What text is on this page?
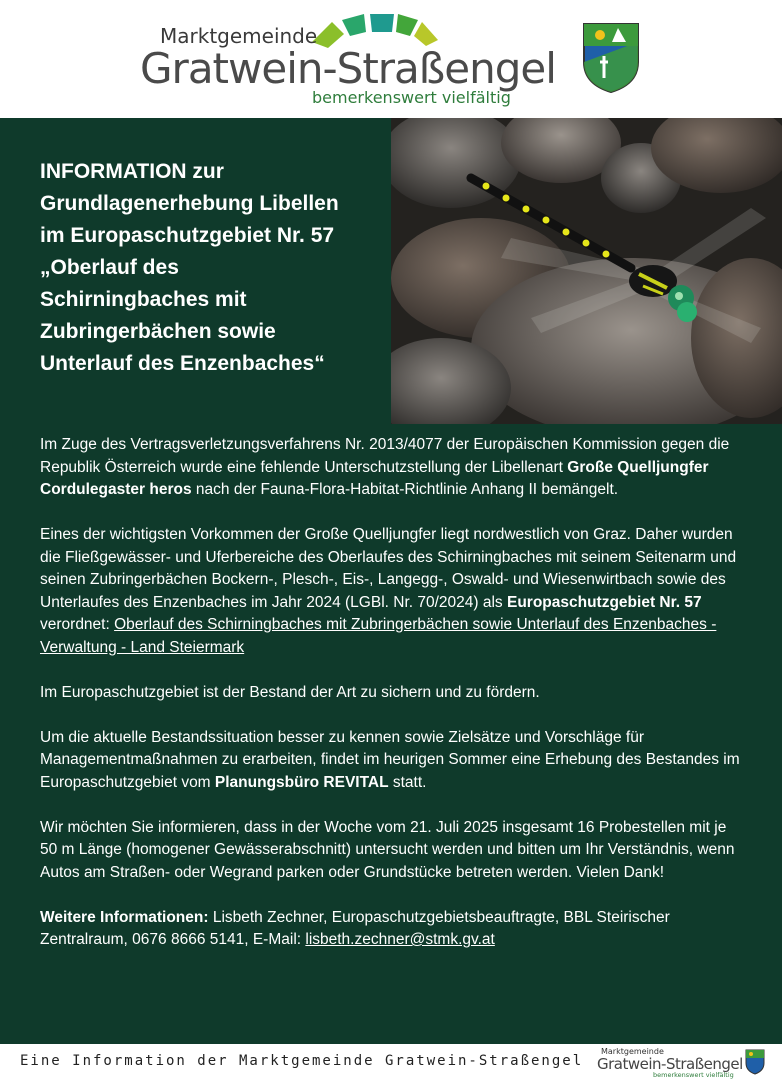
Marktgemeinde
Gratwein-Straßengel
bemerkenswert vielfältig
INFORMATION zur
Grundlagenerhebung Libellen
im Europaschutzgebiet Nr. 57
„Oberlauf des
Schirningbaches mit
Zubringerbächen sowie
Unterlauf des Enzenbaches“

Im Zuge des Vertragsverletzungsverfahrens Nr. 2013/4077 der Europäischen Kommission gegen die Republik Österreich wurde eine fehlende Unterschutzstellung der Libellenart Große Quelljungfer Cordulegaster heros nach der Fauna-Flora-Habitat-Richtlinie Anhang II bemängelt.

Eines der wichtigsten Vorkommen der Große Quelljungfer liegt nordwestlich von Graz. Daher wurden die Fließgewässer- und Uferbereiche des Oberlaufes des Schirningbaches mit seinem Seitenarm und seinen Zubringerbächen Bockern-, Plesch-, Eis-, Langegg-, Oswald- und Wiesenwirtbach sowie des Unterlaufes des Enzenbaches im Jahr 2024 (LGBl. Nr. 70/2024) als Europaschutzgebiet Nr. 57 verordnet: Oberlauf des Schirningbaches mit Zubringerbächen sowie Unterlauf des Enzenbaches - Verwaltung - Land Steiermark

Im Europaschutzgebiet ist der Bestand der Art zu sichern und zu fördern.

Um die aktuelle Bestandssituation besser zu kennen sowie Zielsätze und Vorschläge für Managementmaßnahmen zu erarbeiten, findet im heurigen Sommer eine Erhebung des Bestandes im Europaschutzgebiet vom Planungsbüro REVITAL statt.

Wir möchten Sie informieren, dass in der Woche vom 21. Juli 2025 insgesamt 16 Probestellen mit je 50 m Länge (homogener Gewässerabschnitt) untersucht werden und bitten um Ihr Verständnis, wenn Autos am Straßen- oder Wegrand parken oder Grundstücke betreten werden. Vielen Dank!

Weitere Informationen: Lisbeth Zechner, Europaschutzgebietsbeauftragte, BBL Steirischer Zentralraum, 0676 8666 5141, E-Mail: lisbeth.zechner@stmk.gv.at

Eine Information der Marktgemeinde Gratwein-Straßengel
Marktgemeinde
Gratwein-Straßengel
bemerkenswert vielfältig
